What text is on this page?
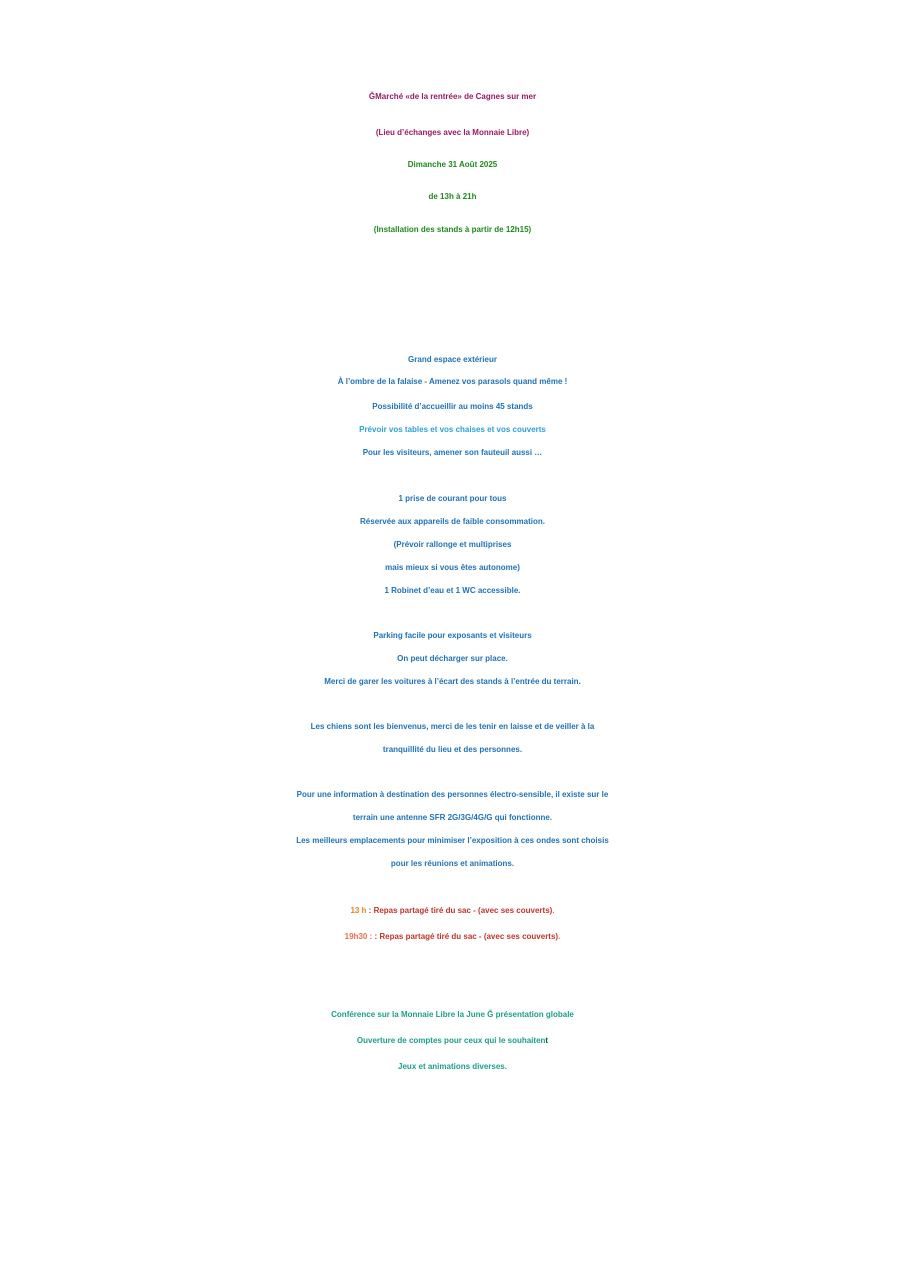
ĞMarché «de la rentrée» de Cagnes sur mer
(Lieu d’échanges avec la Monnaie Libre)
Dimanche 31 Août 2025
de 13h à 21h
(Installation des stands à partir de 12h15)
Grand espace extérieur
À l’ombre de la falaise - Amenez vos parasols quand même !
Possibilité d’accueillir au moins 45 stands
Prévoir vos tables et vos chaises et vos couverts
Pour les visiteurs, amener son fauteuil aussi …
1 prise de courant pour tous
Réservée aux appareils de faible consommation.
(Prévoir rallonge et multiprises
mais mieux si vous êtes autonome)
1 Robinet d’eau et 1 WC accessible.
Parking facile pour exposants et visiteurs
On peut décharger sur place.
Merci de garer les voitures à l’écart des stands à l’entrée du terrain.
Les chiens sont les bienvenus, merci de les tenir en laisse et de veiller à la
tranquillité du lieu et des personnes.
Pour une information à destination des personnes électro-sensible, il existe sur le
terrain une antenne SFR 2G/3G/4G/G qui fonctionne.
Les meilleurs emplacements pour minimiser l’exposition à ces ondes sont choisis
pour les réunions et animations.
13 h : Repas partagé tiré du sac - (avec ses couverts).
19h30 : : Repas partagé tiré du sac - (avec ses couverts).
Conférence sur la Monnaie Libre la June Ğ présentation globale
Ouverture de comptes pour ceux qui le souhaitent
Jeux et animations diverses.
